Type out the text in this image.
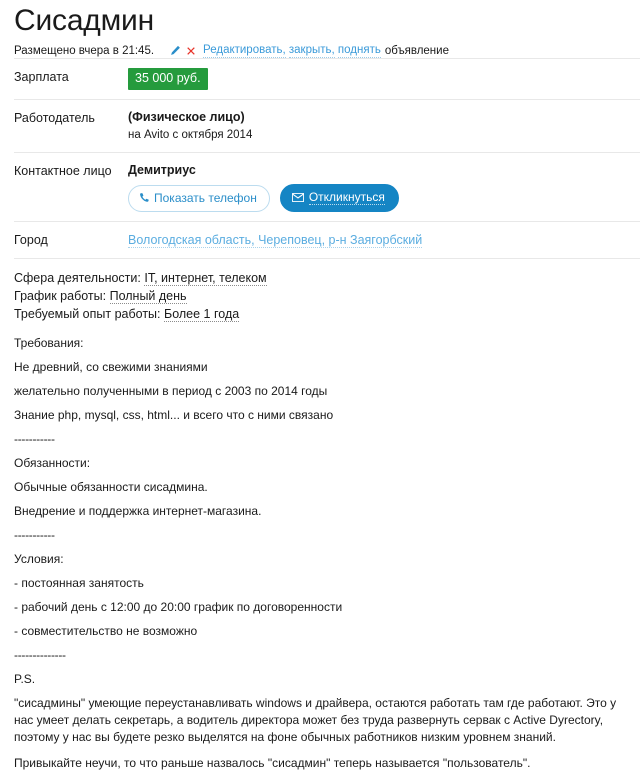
Сисадмин
Размещено вчера в 21:45.	Редактировать,
закрыть,
поднять объявление
Зарплата	35 000 руб.
Работодатель	(Физическое лицо)
на Avito с октября 2014
Контактное лицо	Демитриус
Показать телефон	Откликнуться
Город	Вологодская область, Череповец, р-н Заягорбский
Сфера деятельности: IT, интернет, телеком
График работы: Полный день
Требуемый опыт работы: Более 1 года

Требования:

Не древний, со свежими знаниями

желательно полученными в период с 2003 по 2014 годы

Знание php, mysql, css, html... и всего что с ними связано

-----------

Обязанности:

Обычные обязанности сисадмина.

Внедрение и поддержка интернет-магазина.

-----------

Условия:

- постоянная занятость

- рабочий день с 12:00 до 20:00 график по договоренности

- совместительство не возможно

--------------

P.S.

"сисадмины" умеющие переустанавливать windows и драйвера, остаются работать там где работают. Это у нас умеет делать секретарь, а водитель директора может без труда развернуть сервак с Active Dyrectory, поэтому у нас вы будете резко выделятся на фоне обычных работников низким уровнем знаний.

Привыкайте неучи, то что раньше назвалось "сисадмин" теперь называется "пользователь".
